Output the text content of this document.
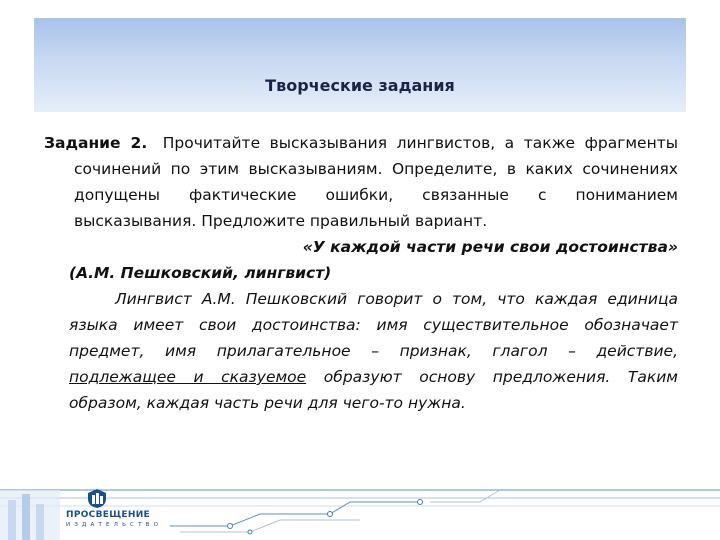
Творческие задания
Задание 2. Прочитайте высказывания лингвистов, а также фрагменты сочинений по этим высказываниям. Определите, в каких сочинениях допущены фактические ошибки, связанные с пониманием высказывания. Предложите правильный вариант.
«У каждой части речи свои достоинства»
(А.М. Пешковский, лингвист)
Лингвист А.М. Пешковский говорит о том, что каждая единица языка имеет свои достоинства: имя существительное обозначает предмет, имя прилагательное – признак, глагол – действие, подлежащее и сказуемое образуют основу предложения. Таким образом, каждая часть речи для чего-то нужна.
ПРОСВЕЩЕНИЕ
ИЗДАТЕЛЬСТВО
